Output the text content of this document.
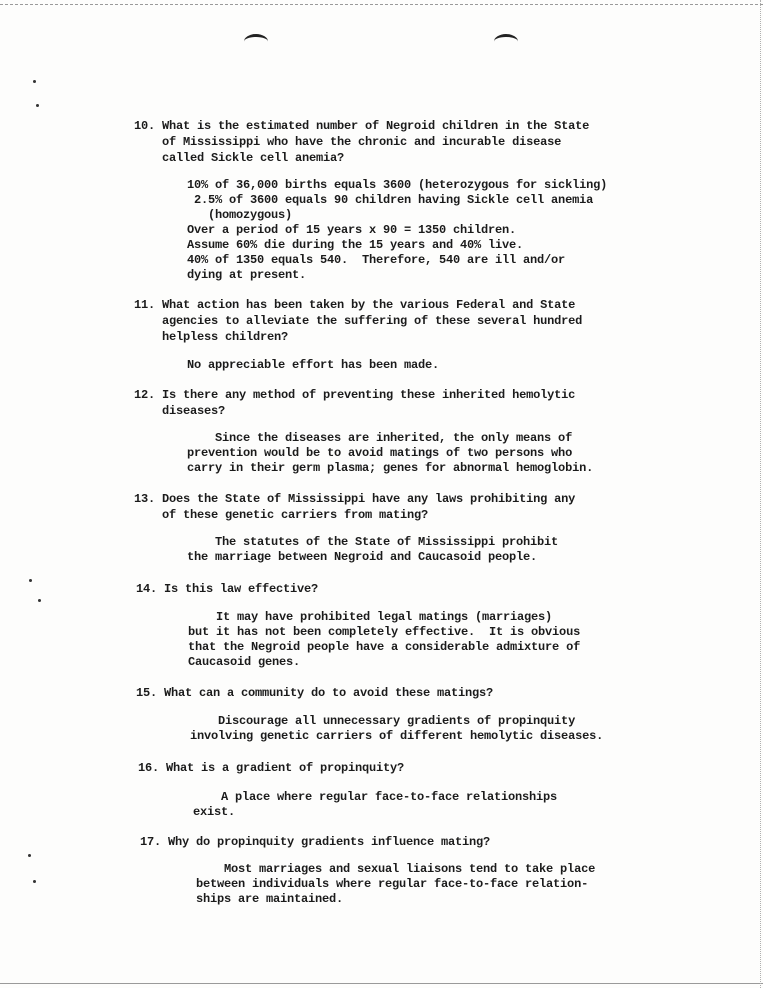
10. What is the estimated number of Negroid children in the State
of Mississippi who have the chronic and incurable disease
called Sickle cell anemia?
10% of 36,000 births equals 3600 (heterozygous for sickling)
2.5% of 3600 equals 90 children having Sickle cell anemia
(homozygous)
Over a period of 15 years x 90 = 1350 children.
Assume 60% die during the 15 years and 40% live.
40% of 1350 equals 540.  Therefore, 540 are ill and/or
dying at present.
11. What action has been taken by the various Federal and State
agencies to alleviate the suffering of these several hundred
helpless children?
No appreciable effort has been made.
12. Is there any method of preventing these inherited hemolytic
diseases?
Since the diseases are inherited, the only means of
prevention would be to avoid matings of two persons who
carry in their germ plasma; genes for abnormal hemoglobin.
13. Does the State of Mississippi have any laws prohibiting any
of these genetic carriers from mating?
The statutes of the State of Mississippi prohibit
the marriage between Negroid and Caucasoid people.
14. Is this law effective?
It may have prohibited legal matings (marriages)
but it has not been completely effective.  It is obvious
that the Negroid people have a considerable admixture of
Caucasoid genes.
15. What can a community do to avoid these matings?
Discourage all unnecessary gradients of propinquity
involving genetic carriers of different hemolytic diseases.
16. What is a gradient of propinquity?
A place where regular face-to-face relationships
exist.
17. Why do propinquity gradients influence mating?
Most marriages and sexual liaisons tend to take place
between individuals where regular face-to-face relation-
ships are maintained.
